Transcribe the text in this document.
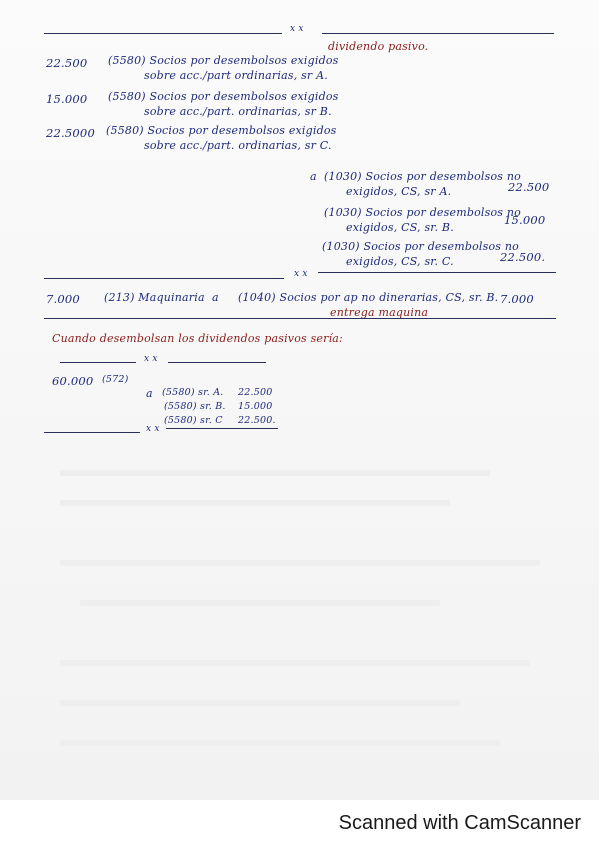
x x
dividendo pasivo.
22.500 (5580) Socios por desembolsos exigidos
sobre acc./part ordinarias, sr A.
15.000 (5580) Socios por desembolsos exigidos
sobre acc./part. ordinarias, sr B.
22.5000 (5580) Socios por desembolsos exigidos
sobre acc./part. ordinarias, sr C.
a (1030) Socios por desembolsos no
exigidos, CS, sr A.	22.500
(1030) Socios por desembolsos no
exigidos, CS, sr. B.
15.000
(1030) Socios por desembolsos no
exigidos, CS, sr. C.	22.500.
x x
7.000 (213) Maquinaria a (1040) Socios por ap no dinerarias, CS, sr. B. 7.000
entrega maquina
Cuando desembolsan los dividendos pasivos sería:
x x
60.000 (572)
a (5580) sr. A. 22.500
(5580) sr. B. 15.000
(5580) sr. C 22.500.
x x
Scanned with CamScanner
